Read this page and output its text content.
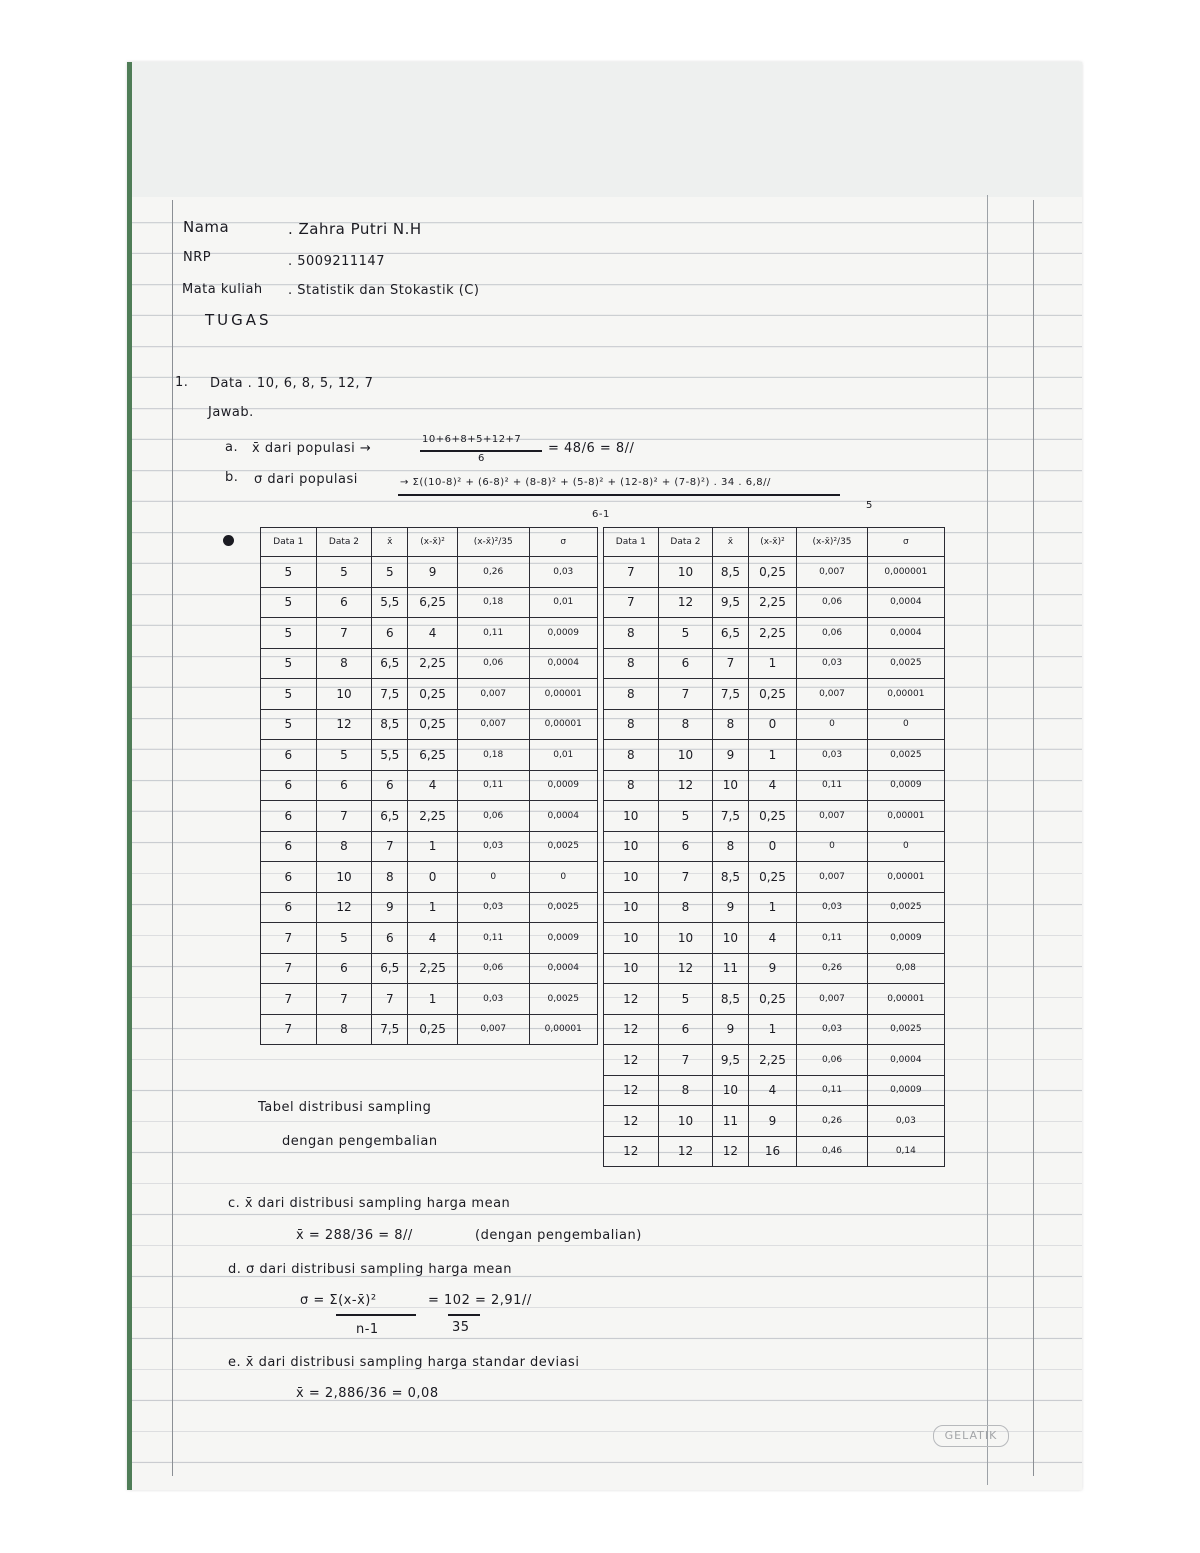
Nama	. Zahra Putri N.H
NRP	. 5009211147
Mata kuliah . Statistik dan Stokastik (C)
TUGAS
1. Data . 10, 6, 8, 5, 12, 7
Jawab.
a. x̄ dari populasi →
10+6+8+5+12+7
6
= 48/6 = 8//
b. σ dari populasi	→ Σ((10-8)² + (6-8)² + (8-8)² + (5-8)² + (12-8)² + (7-8)²) . 34 . 6,8//
6-1
5
Data 1	Data 2	x̄	(x-x̄)²	(x-x̄)²/35	σ
5	5	5	9	0,26	0,03
5	6	5,5	6,25	0,18	0,01
5	7	6	4	0,11	0,0009
5	8	6,5	2,25	0,06	0,0004
5	10	7,5	0,25	0,007	0,00001
5	12	8,5	0,25	0,007	0,00001
6	5	5,5	6,25	0,18	0,01
6	6	6	4	0,11	0,0009
6	7	6,5	2,25	0,06	0,0004
6	8	7	1	0,03	0,0025
6	10	8	0	0	0
6	12	9	1	0,03	0,0025
7	5	6	4	0,11	0,0009
7	6	6,5	2,25	0,06	0,0004
7	7	7	1	0,03	0,0025
7	8	7,5	0,25	0,007	0,00001
Data 1	Data 2	x̄	(x-x̄)²	(x-x̄)²/35	σ
7	10	8,5	0,25	0,007	0,000001
7	12	9,5	2,25	0,06	0,0004
8	5	6,5	2,25	0,06	0,0004
8	6	7	1	0,03	0,0025
8	7	7,5	0,25	0,007	0,00001
8	8	8	0	0	0
8	10	9	1	0,03	0,0025
8	12	10	4	0,11	0,0009
10	5	7,5	0,25	0,007	0,00001
10	6	8	0	0	0
10	7	8,5	0,25	0,007	0,00001
10	8	9	1	0,03	0,0025
10	10	10	4	0,11	0,0009
10	12	11	9	0,26	0,08
12	5	8,5	0,25	0,007	0,00001
12	6	9	1	0,03	0,0025
12	7	9,5	2,25	0,06	0,0004
12	8	10	4	0,11	0,0009
12	10	11	9	0,26	0,03
12	12	12	16	0,46	0,14
Tabel distribusi sampling
dengan pengembalian
c. x̄ dari distribusi sampling harga mean
x̄ = 288/36 = 8//	(dengan pengembalian)
d. σ dari distribusi sampling harga mean
σ = Σ(x-x̄)²	= 102 = 2,91//
n-1	35
e. x̄ dari distribusi sampling harga standar deviasi
x̄ = 2,886/36 = 0,08
GELATIK
